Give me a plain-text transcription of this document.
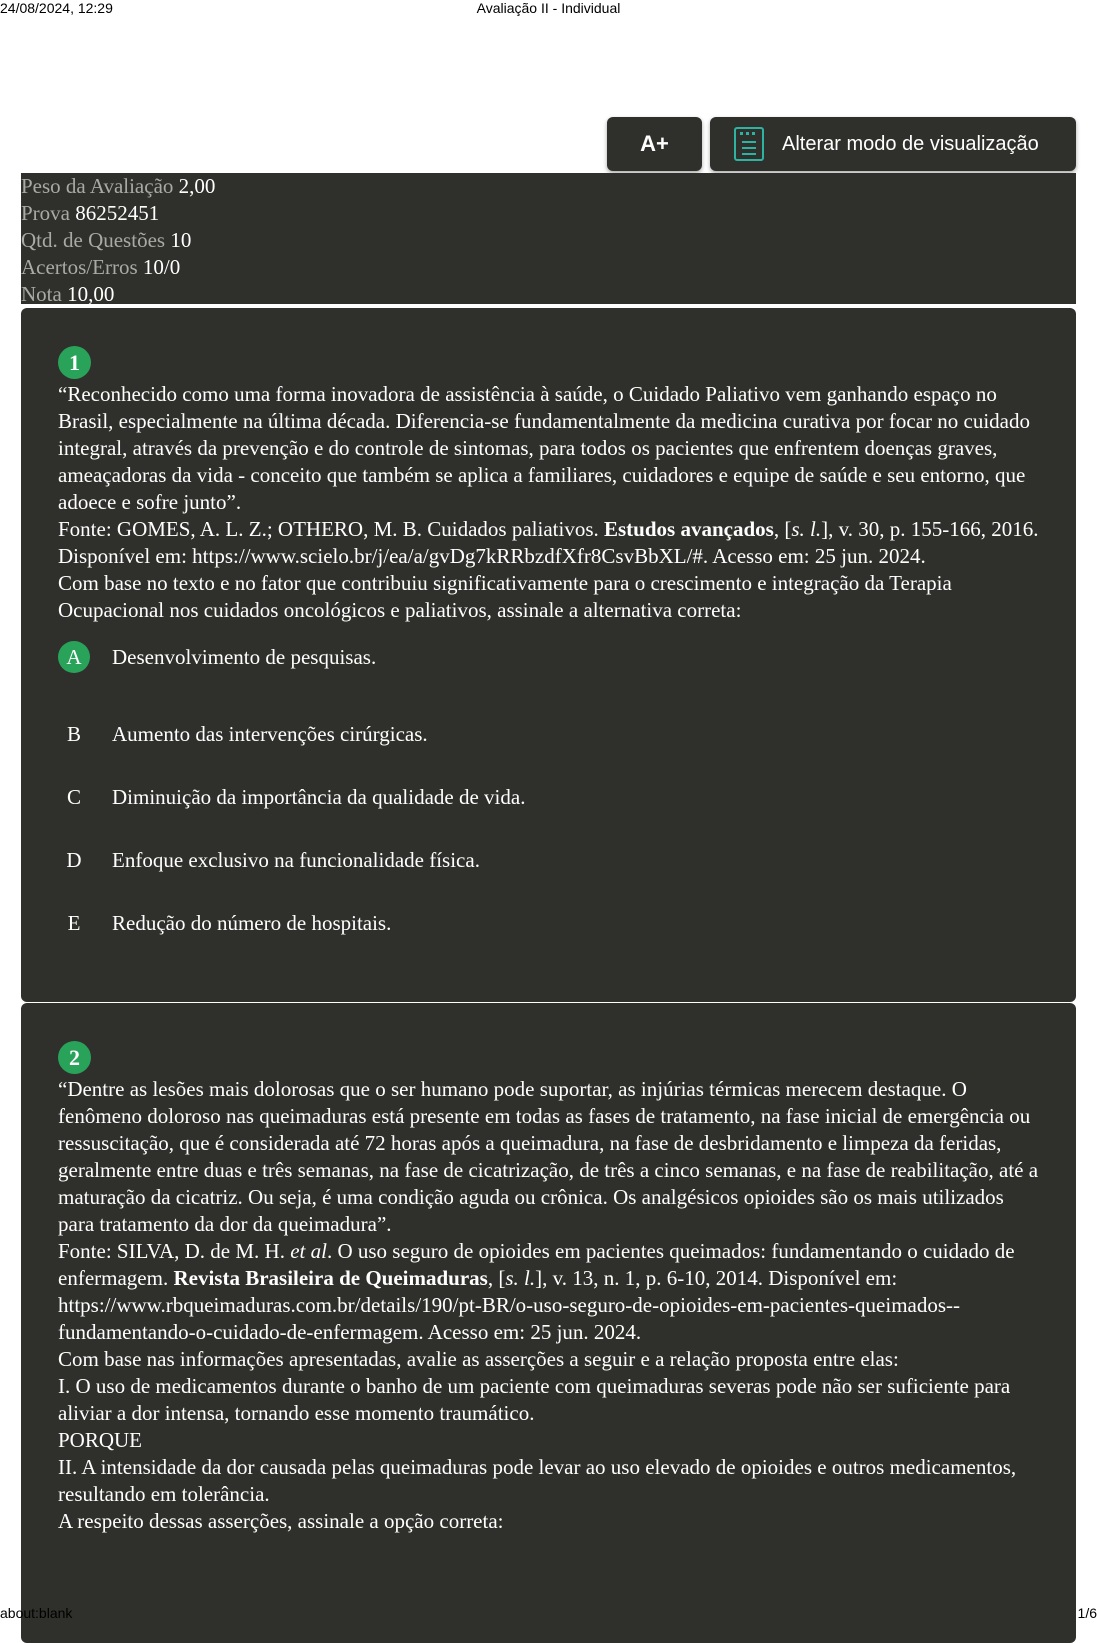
24/08/2024, 12:29	Avaliação II - Individual
A+	Alterar modo de visualização
Peso da Avaliação 2,00
Prova 86252451
Qtd. de Questões 10
Acertos/Erros 10/0
Nota 10,00
1

“Reconhecido como uma forma inovadora de assistência à saúde, o Cuidado Paliativo vem ganhando espaço no Brasil, especialmente na última década. Diferencia-se fundamentalmente da medicina curativa por focar no cuidado integral, através da prevenção e do controle de sintomas, para todos os pacientes que enfrentem doenças graves, ameaçadoras da vida - conceito que também se aplica a familiares, cuidadores e equipe de saúde e seu entorno, que adoece e sofre junto”.

Fonte: GOMES, A. L. Z.; OTHERO, M. B. Cuidados paliativos. Estudos avançados, [s. l.], v. 30, p. 155-166, 2016. Disponível em: https://www.scielo.br/j/ea/a/gvDg7kRRbzdfXfr8CsvBbXL/#. Acesso em: 25 jun. 2024.

Com base no texto e no fator que contribuiu significativamente para o crescimento e integração da Terapia Ocupacional nos cuidados oncológicos e paliativos, assinale a alternativa correta:

A	Desenvolvimento de pesquisas.
B	Aumento das intervenções cirúrgicas.
C	Diminuição da importância da qualidade de vida.
D	Enfoque exclusivo na funcionalidade física.
E	Redução do número de hospitais.
2

“Dentre as lesões mais dolorosas que o ser humano pode suportar, as injúrias térmicas merecem destaque. O fenômeno doloroso nas queimaduras está presente em todas as fases de tratamento, na fase inicial de emergência ou ressuscitação, que é considerada até 72 horas após a queimadura, na fase de desbridamento e limpeza da feridas, geralmente entre duas e três semanas, na fase de cicatrização, de três a cinco semanas, e na fase de reabilitação, até a maturação da cicatriz. Ou seja, é uma condição aguda ou crônica. Os analgésicos opioides são os mais utilizados para tratamento da dor da queimadura”.

Fonte: SILVA, D. de M. H. et al. O uso seguro de opioides em pacientes queimados: fundamentando o cuidado de enfermagem. Revista Brasileira de Queimaduras, [s. l.], v. 13, n. 1, p. 6-10, 2014. Disponível em: https://www.rbqueimaduras.com.br/details/190/pt-BR/o-uso-seguro-de-opioides-em-pacientes-queimados--fundamentando-o-cuidado-de-enfermagem. Acesso em: 25 jun. 2024.

Com base nas informações apresentadas, avalie as asserções a seguir e a relação proposta entre elas:

I. O uso de medicamentos durante o banho de um paciente com queimaduras severas pode não ser suficiente para aliviar a dor intensa, tornando esse momento traumático.

PORQUE

II. A intensidade da dor causada pelas queimaduras pode levar ao uso elevado de opioides e outros medicamentos, resultando em tolerância.

A respeito dessas asserções, assinale a opção correta:

about:blank	1/6
